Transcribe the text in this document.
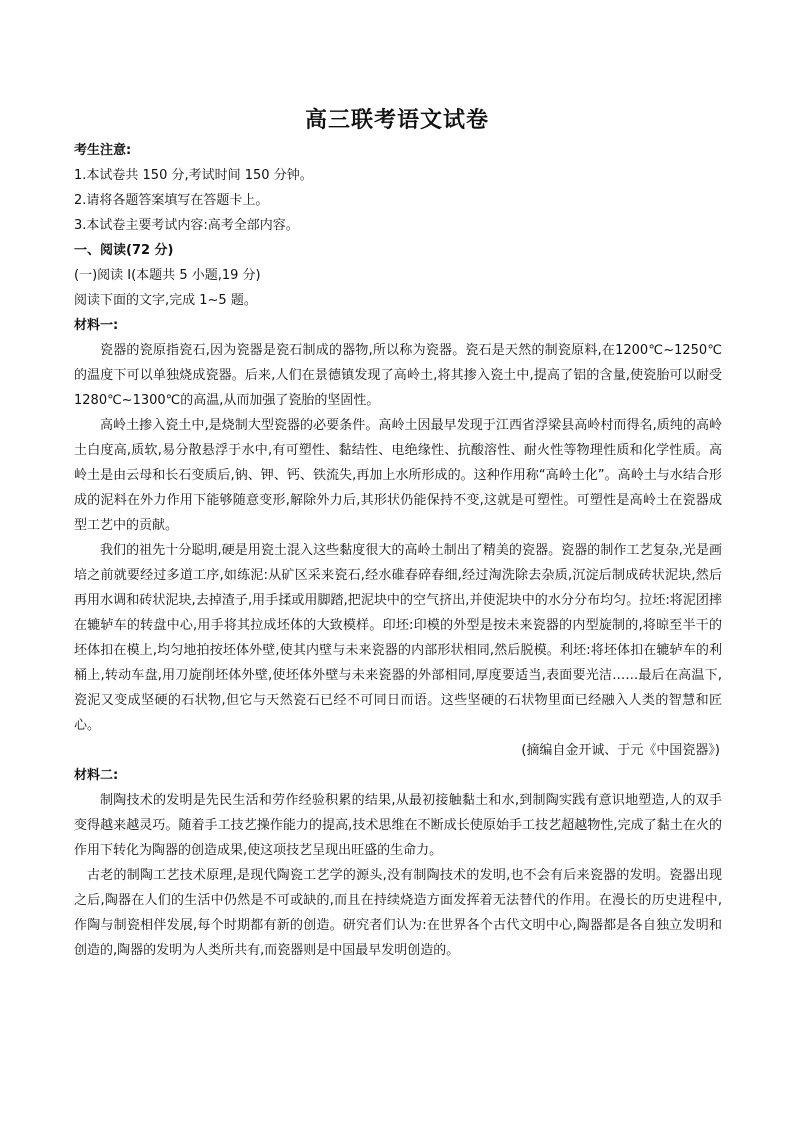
高三联考语文试卷
考生注意:
1.本试卷共 150 分,考试时间 150 分钟。
2.请将各题答案填写在答题卡上。
3.本试卷主要考试内容:高考全部内容。
一、阅读(72 分)
(一)阅读 I(本题共 5 小题,19 分)
阅读下面的文字,完成 1~5 题。
材料一:
瓷器的瓷原指瓷石,因为瓷器是瓷石制成的器物,所以称为瓷器。瓷石是天然的制瓷原料,在1200℃~1250℃的温度下可以单独烧成瓷器。后来,人们在景德镇发现了高岭土,将其掺入瓷土中,提高了铝的含量,使瓷胎可以耐受 1280℃~1300℃的高温,从而加强了瓷胎的坚固性。
高岭土掺入瓷土中,是烧制大型瓷器的必要条件。高岭土因最早发现于江西省浮梁县高岭村而得名,质纯的高岭土白度高,质软,易分散悬浮于水中,有可塑性、黏结性、电绝缘性、抗酸溶性、耐火性等物理性质和化学性质。高岭土是由云母和长石变质后,钠、钾、钙、铁流失,再加上水所形成的。这种作用称“高岭土化”。高岭土与水结合形成的泥料在外力作用下能够随意变形,解除外力后,其形状仍能保持不变,这就是可塑性。可塑性是高岭土在瓷器成型工艺中的贡献。
我们的祖先十分聪明,硬是用瓷土混入这些黏度很大的高岭土制出了精美的瓷器。瓷器的制作工艺复杂,光是画培之前就要经过多道工序,如练泥:从矿区采来瓷石,经水碓春碎春细,经过淘洗除去杂质,沉淀后制成砖状泥块,然后再用水调和砖状泥块,去掉渣子,用手揉或用脚踏,把泥块中的空气挤出,并使泥块中的水分分布均匀。拉坯:将泥团摔在辘轳车的转盘中心,用手将其拉成坯体的大致模样。印坯:印模的外型是按未来瓷器的内型旋制的,将晾至半干的坯体扣在模上,均匀地拍按坯体外壁,使其内壁与未来瓷器的内部形状相同,然后脱模。利坯:将坯体扣在辘轳车的利桶上,转动车盘,用刀旋削坯体外壁,使坯体外壁与未来瓷器的外部相同,厚度要适当,表面要光洁……最后在高温下,瓷泥又变成坚硬的石状物,但它与天然瓷石已经不可同日而语。这些坚硬的石状物里面已经融入人类的智慧和匠心。
(摘编自金开诚、于元《中国瓷器》)
材料二:
制陶技术的发明是先民生活和劳作经验积累的结果,从最初接触黏土和水,到制陶实践有意识地塑造,人的双手变得越来越灵巧。随着手工技艺操作能力的提高,技术思维在不断成长使原始手工技艺超越物性,完成了黏土在火的作用下转化为陶器的创造成果,使这项技艺呈现出旺盛的生命力。
古老的制陶工艺技术原理,是现代陶瓷工艺学的源头,没有制陶技术的发明,也不会有后来瓷器的发明。瓷器出现之后,陶器在人们的生活中仍然是不可或缺的,而且在持续烧造方面发挥着无法替代的作用。在漫长的历史进程中,作陶与制瓷相伴发展,每个时期都有新的创造。研究者们认为:在世界各个古代文明中心,陶器都是各自独立发明和创造的,陶器的发明为人类所共有,而瓷器则是中国最早发明创造的。
